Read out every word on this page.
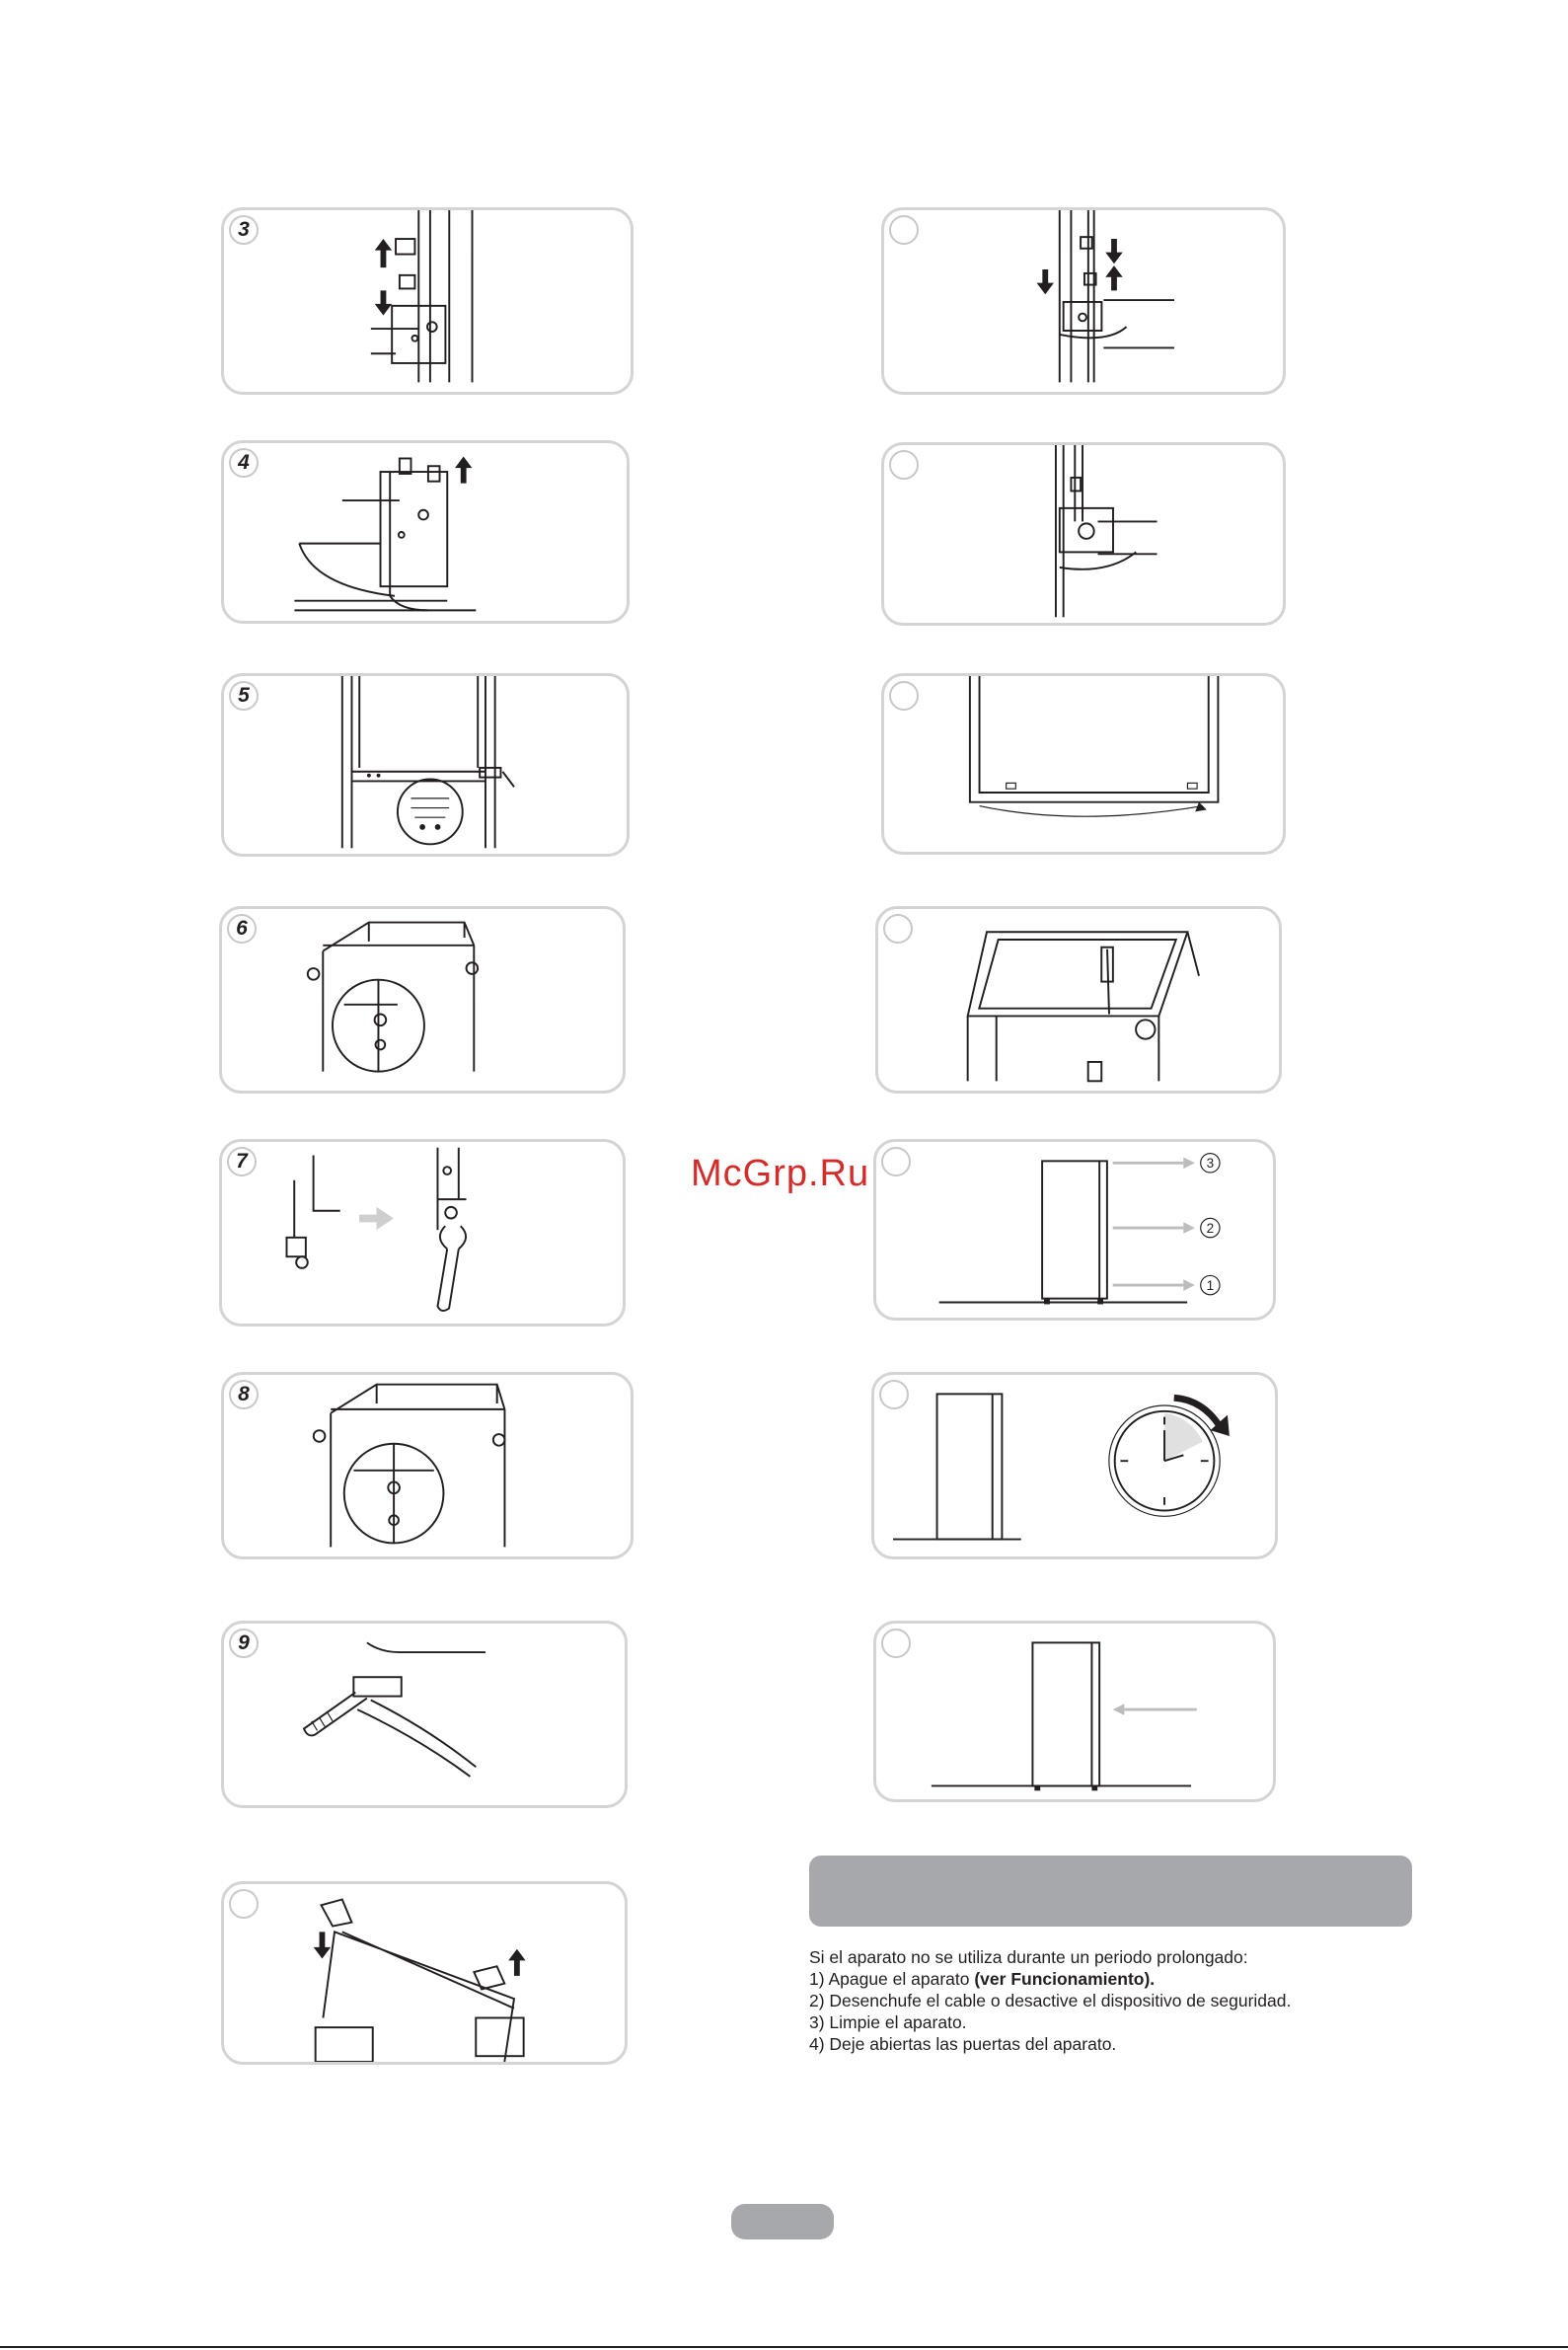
3
4
5
6
7
8
9
3
2
1
McGrp.Ru
Si el aparato no se utiliza durante un periodo prolongado:
1) Apague el aparato (ver Funcionamiento).
2) Desenchufe el cable o desactive el dispositivo de seguridad.
3) Limpie el aparato.
4) Deje abiertas las puertas del aparato.
